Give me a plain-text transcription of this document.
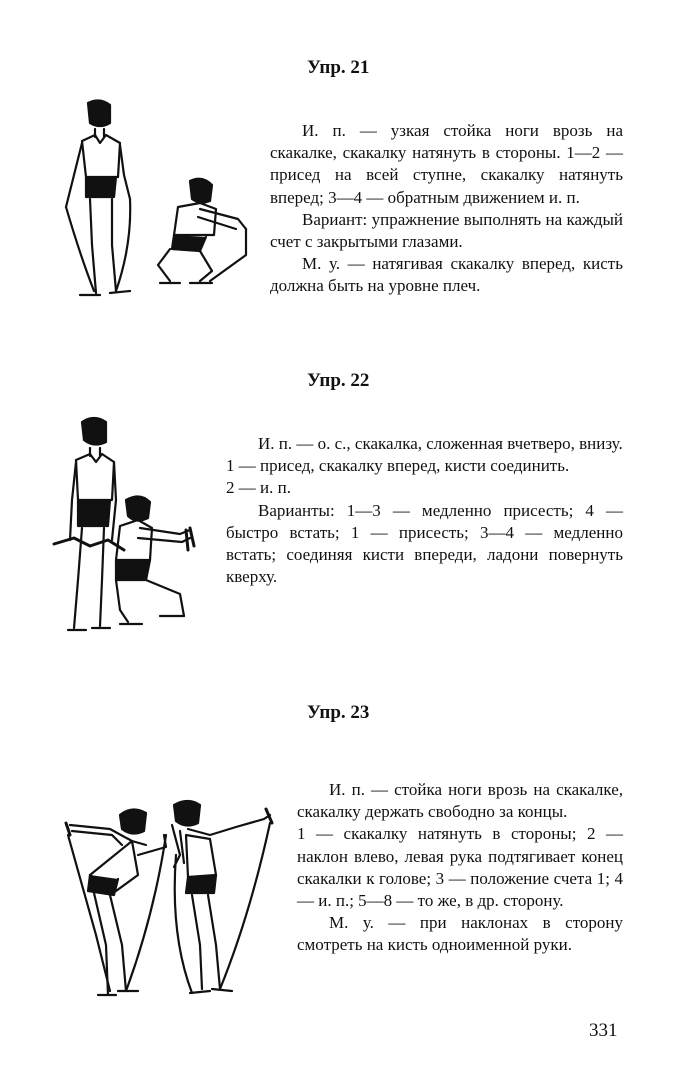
Упр. 21

И. п. — узкая стойка ноги врозь на скакалке, скакалку натянуть в стороны. 1—2 — присед на всей ступне, скакалку натянуть вперед; 3—4 — обратным движением и. п.

Вариант: упражнение выполнять на каждый счет с закрытыми глазами.

М. у. — натягивая скакалку вперед, кисть должна быть на уровне плеч.

Упр. 22

И. п. — о. с., скакалка, сложенная вчетверо, внизу.

1 — присед, скакалку вперед, кисти соединить.

2 — и. п.

Варианты: 1—3 — медленно присесть; 4 — быстро встать; 1 — присесть; 3—4 — медленно встать; соединяя кисти впереди, ладони повернуть кверху.

Упр. 23

И. п. — стойка ноги врозь на скакалке, скакалку держать свободно за концы.

1 — скакалку натянуть в стороны; 2 — наклон влево, левая рука подтягивает конец скакалки к голове; 3 — положение счета 1; 4 — и. п.; 5—8 — то же, в др. сторону.

М. у. — при наклонах в сторону смотреть на кисть одноименной руки.

331
